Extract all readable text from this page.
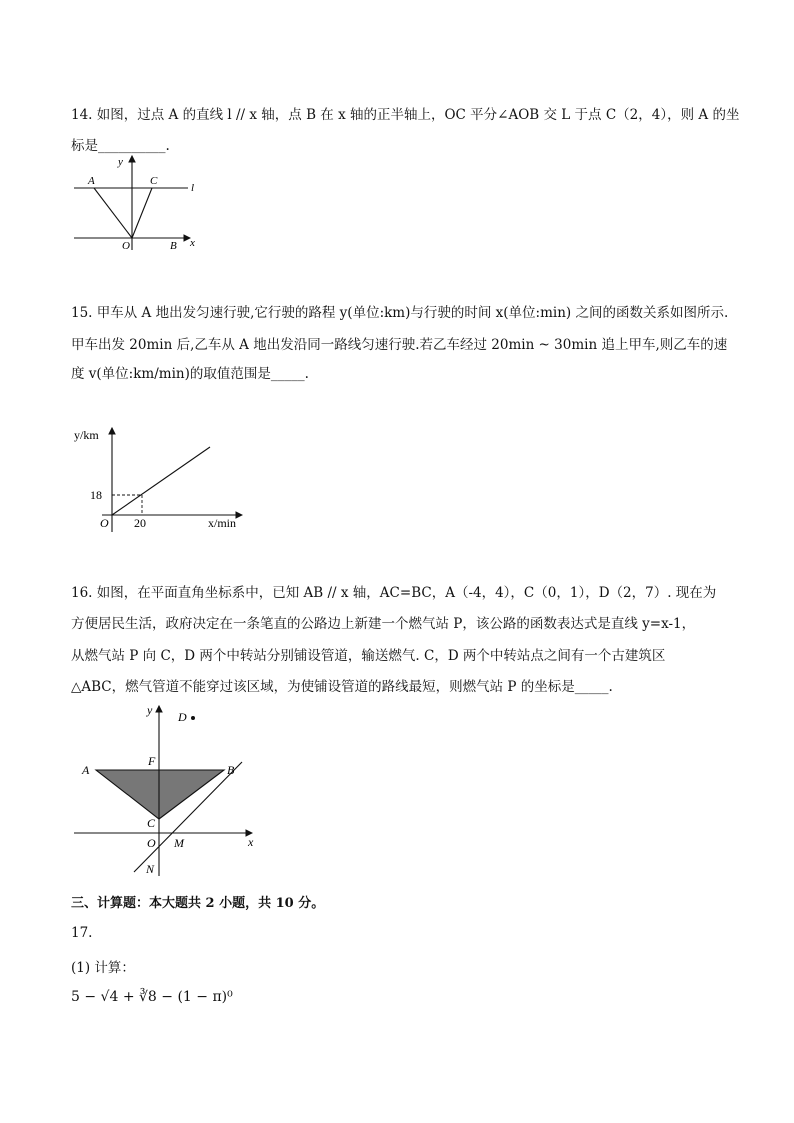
14. 如图，过点 A 的直线 l // x 轴，点 B 在 x 轴的正半轴上，OC 平分∠AOB 交 L 于点 C（2，4），则 A 的坐
标是__________.
y
A	C
l
O	B x
15. 甲车从 A 地出发匀速行驶,它行驶的路程 y(单位:km)与行驶的时间 x(单位:min) 之间的函数关系如图所示.
甲车出发 20min 后,乙车从 A 地出发沿同一路线匀速行驶.若乙车经过 20min ~ 30min 追上甲车,则乙车的速
度 v(单位:km/min)的取值范围是_____.
y/km
18
20
O	x/min
16. 如图，在平面直角坐标系中，已知 AB // x 轴，AC=BC，A（-4，4），C（0，1），D（2，7）. 现在为
方便居民生活，政府决定在一条笔直的公路边上新建一个燃气站 P，该公路的函数表达式是直线 y=x-1，
从燃气站 P 向 C，D 两个中转站分别铺设管道，输送燃气. C，D 两个中转站点之间有一个古建筑区
△ABC，燃气管道不能穿过该区域，为使铺设管道的路线最短，则燃气站 P 的坐标是_____.
y D
A
F
B
C
O M	x
N
三、计算题：本大题共 2 小题，共 10 分。
17.
(1) 计算：
5 − √4 + ∛8 − (1 − π)⁰
